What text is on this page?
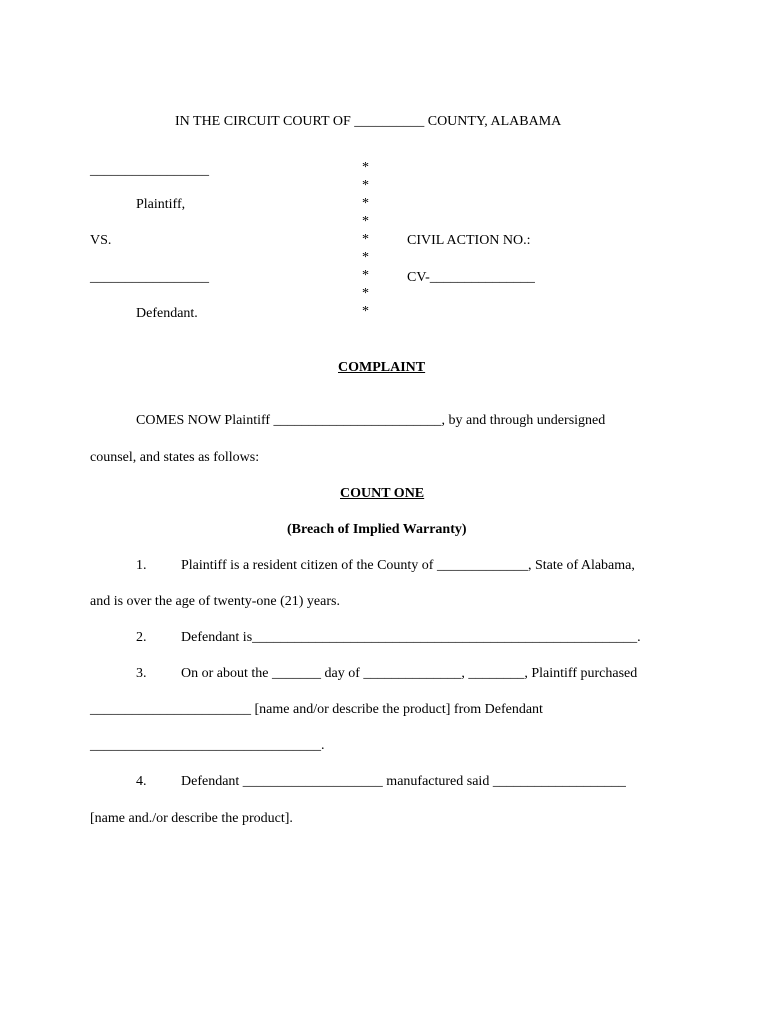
IN THE CIRCUIT COURT OF __________ COUNTY, ALABAMA
_________________
Plaintiff,
VS.
_________________
Defendant.
*
*
*
*
*
*
*
*
*
CIVIL ACTION NO.:
CV-_______________
COMPLAINT
COMES NOW Plaintiff ________________________, by and through undersigned
counsel, and states as follows:
COUNT ONE
(Breach of Implied Warranty)
1. Plaintiff is a resident citizen of the County of _____________, State of Alabama,
and is over the age of twenty-one (21) years.
2. Defendant is_______________________________________________________.
3. On or about the _______ day of ______________, ________, Plaintiff purchased
_______________________ [name and/or describe the product] from Defendant
_________________________________.
4. Defendant ____________________ manufactured said ___________________
[name and./or describe the product].
